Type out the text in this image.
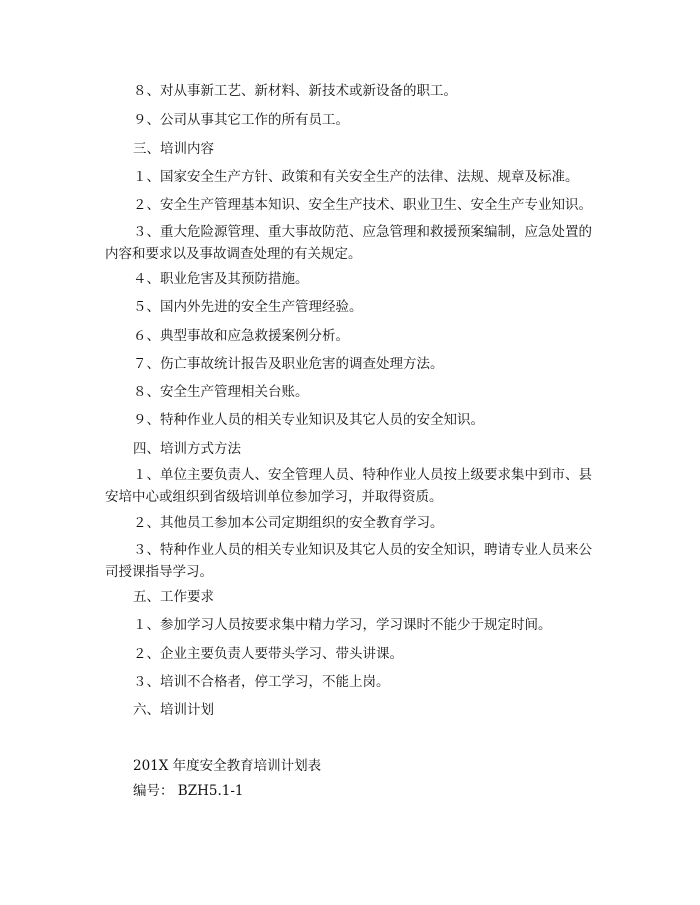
８、对从事新工艺、新材料、新技术或新设备的职工。
９、公司从事其它工作的所有员工。
三、培训内容
１、国家安全生产方针、政策和有关安全生产的法律、法规、规章及标准。
２、安全生产管理基本知识、安全生产技术、职业卫生、安全生产专业知识。
３、重大危险源管理、重大事故防范、应急管理和救援预案编制，应急处置的内容和要求以及事故调查处理的有关规定。
４、职业危害及其预防措施。
５、国内外先进的安全生产管理经验。
６、典型事故和应急救援案例分析。
７、伤亡事故统计报告及职业危害的调查处理方法。
８、安全生产管理相关台账。
９、特种作业人员的相关专业知识及其它人员的安全知识。
四、培训方式方法
１、单位主要负责人、安全管理人员、特种作业人员按上级要求集中到市、县安培中心或组织到省级培训单位参加学习，并取得资质。
２、其他员工参加本公司定期组织的安全教育学习。
３、特种作业人员的相关专业知识及其它人员的安全知识，聘请专业人员来公司授课指导学习。
五、工作要求
１、参加学习人员按要求集中精力学习，学习课时不能少于规定时间。
２、企业主要负责人要带头学习、带头讲课。
３、培训不合格者，停工学习，不能上岗。
六、培训计划
201X 年度安全教育培训计划表
编号： BZH5.1-1
